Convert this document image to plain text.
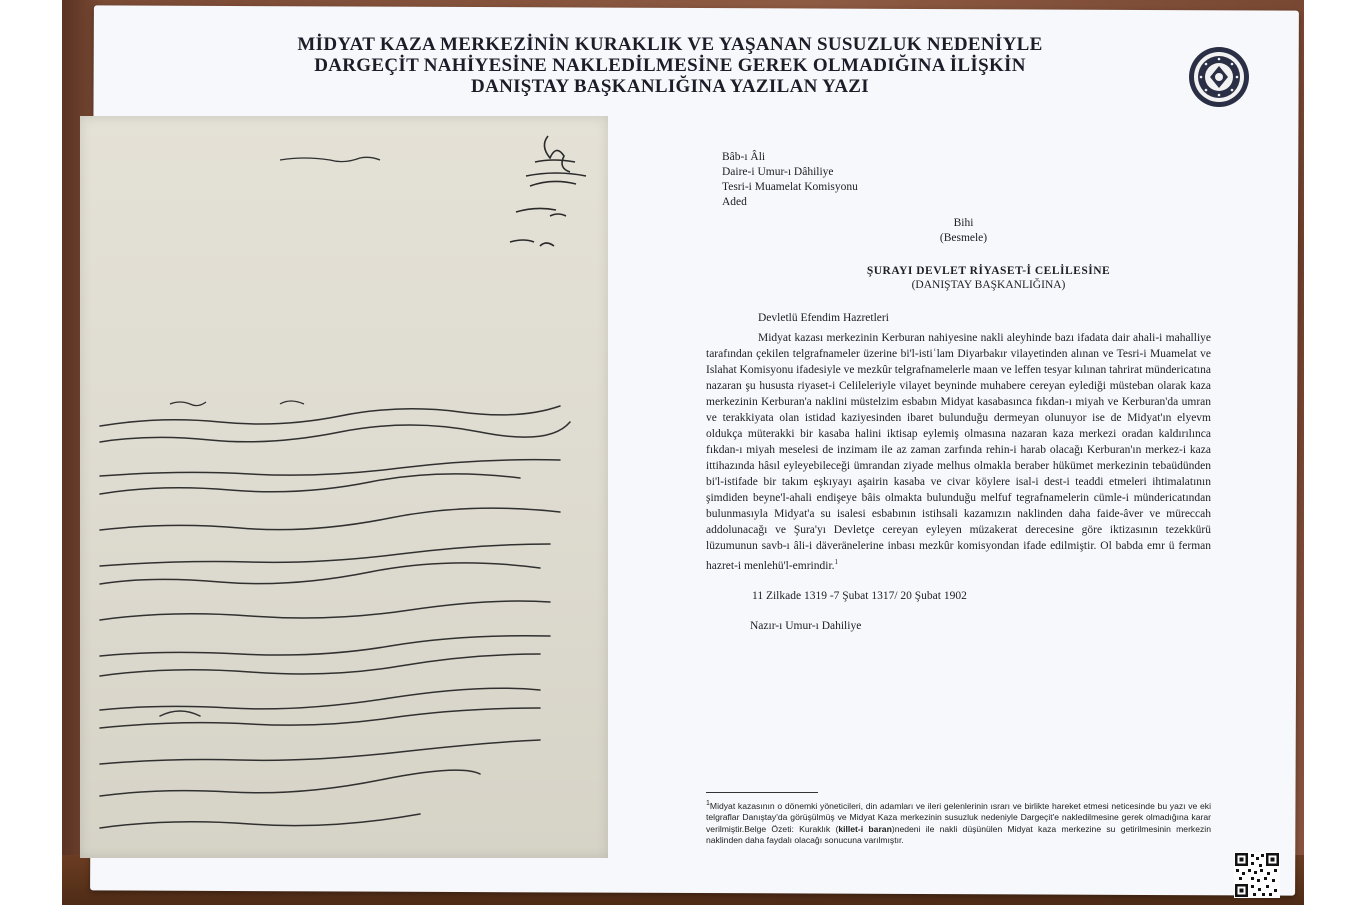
MİDYAT KAZA MERKEZİNİN KURAKLIK VE YAŞANAN SUSUZLUK NEDENİYLE
DARGEÇİT NAHİYESİNE NAKLEDİLMESİNE GEREK OLMADIĞINA İLİŞKİN
DANIŞTAY BAŞKANLIĞINA YAZILAN YAZI
Bâb-ı Âli
Daire-i Umur-ı Dâhiliye
Tesri-i Muamelat Komisyonu
Aded
Bihi
(Besmele)
ŞURAYI DEVLET RİYASET-İ CELİLESİNE
(DANIŞTAY BAŞKANLIĞINA)
Devletlü Efendim Hazretleri

Midyat kazası merkezinin Kerburan nahiyesine nakli aleyhinde bazı ifadata dair ahali-i mahalliye tarafından çekilen telgrafnameler üzerine bi'l-istiʿlam Diyarbakır vilayetinden alınan ve Tesri-i Muamelat ve Islahat Komisyonu ifadesiyle ve mezkûr telgrafnamelerle maan ve leffen tesyar kılınan tahrirat mündericatına nazaran şu hususta riyaset-i Celileleriyle vilayet beyninde muhabere cereyan eylediği müsteban olarak kaza merkezinin Kerburan'a naklini müstelzim esbabın Midyat kasabasınca fıkdan-ı miyah ve Kerburan'da umran ve terakkiyata olan istidad kaziyesinden ibaret bulunduğu dermeyan olunuyor ise de Midyat'ın elyevm oldukça müterakki bir kasaba halini iktisap eylemiş olmasına nazaran kaza merkezi oradan kaldırılınca fıkdan-ı miyah meselesi de inzimam ile az zaman zarfında rehin-i harab olacağı Kerburan'ın merkez-i kaza ittihazında hâsıl eyleyebileceği ümrandan ziyade melhus olmakla beraber hükümet merkezinin tebaüdünden bi'l-istifade bir takım eşkıyayı aşairin kasaba ve civar köylere isal-i dest-i teaddi etmeleri ihtimalatının şimdiden beyne'l-ahali endişeye bâis olmakta bulunduğu melfuf tegrafnamelerin cümle-i mündericatından bulunmasıyla Midyat'a su isalesi esbabının istihsali kazamızın naklinden daha faide-âver ve müreccah addolunacağı ve Şura'yı Devletçe cereyan eyleyen müzakerat derecesine göre iktizasının tezekkürü lüzumunun savb-ı âli-i däveränelerine inbası mezkûr komisyondan ifade edilmiştir. Ol babda emr ü ferman hazret-i menlehü'l-emrindir.$^1$

11 Zilkade 1319 -7 Şubat 1317/ 20 Şubat 1902
Nazır-ı Umur-ı Dahiliye
$^1$Midyat kazasının o dönemki yöneticileri, din adamları ve ileri gelenlerinin ısrarı ve birlikte hareket etmesi neticesinde bu yazı ve eki telgraflar Danıştay'da görüşülmüş ve Midyat Kaza merkezinin susuzluk nedeniyle Dargeçit'e nakledilmesine gerek olmadığına karar verilmiştir.Belge Özeti: Kuraklık (killet-i baran)nedeni ile nakli düşünülen Midyat kaza merkezine su getirilmesinin merkezin naklinden daha faydalı olacağı sonucuna varılmıştır.
